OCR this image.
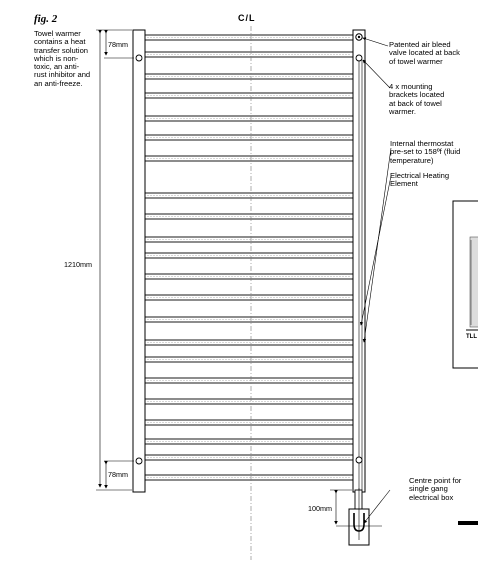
fig. 2	C/L
Towel warmer
contains a heat
transfer solution
which is non-
toxic, an anti-
rust inhibitor and
an anti-freeze.
Patented air bleed
valve located at back
of towel warmer
4 x mounting
brackets located
at back of towel
warmer.
Internal thermostat
pre-set to 158ºf (fluid
temperature)
Electrical Heating Element
Centre point for
single gang
electrical box
78mm
78mm
1210mm
100mm
TLL
